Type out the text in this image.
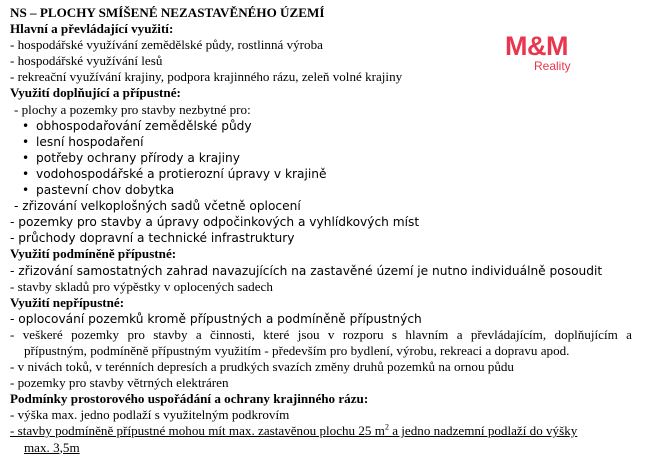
M&M
Reality
NS – PLOCHY SMÍŠENÉ NEZASTAVĚNÉHO ÚZEMÍ
Hlavní a převládající využití:
- hospodářské využívání zemědělské půdy, rostlinná výroba
- hospodářské využívání lesů
- rekreační využívání krajiny, podpora krajinného rázu, zeleň volné krajiny
Využití doplňující a přípustné:
- plochy a pozemky pro stavby nezbytné pro:
• obhospodařování zemědělské půdy
• lesní hospodaření
• potřeby ochrany přírody a krajiny
• vodohospodářské a protierozní úpravy v krajině
• pastevní chov dobytka
- zřizování velkoplošných sadů včetně oplocení
- pozemky pro stavby a úpravy odpočinkových a vyhlídkových míst
- průchody dopravní a technické infrastruktury
Využití podmíněně přípustné:
- zřizování samostatných zahrad navazujících na zastavěné území je nutno individuálně posoudit
- stavby skladů pro výpěstky v oplocených sadech
Využití nepřípustné:
- oplocování pozemků kromě přípustných a podmíněně přípustných
- veškeré pozemky pro stavby a činnosti, které jsou v rozporu s hlavním a převládajícím, doplňujícím a
přípustným, podmíněně přípustným využitím - především pro bydlení, výrobu, rekreaci a dopravu apod.
- v nivách toků, v terénních depresích a prudkých svazích změny druhů pozemků na ornou půdu
- pozemky pro stavby větrných elektráren
Podmínky prostorového uspořádání a ochrany krajinného rázu:
- výška max. jedno podlaží s využitelným podkrovím
- stavby podmíněně přípustné mohou mít max. zastavěnou plochu 25 $m^2$ a jedno nadzemní podlaží do výšky
max. 3,5m
